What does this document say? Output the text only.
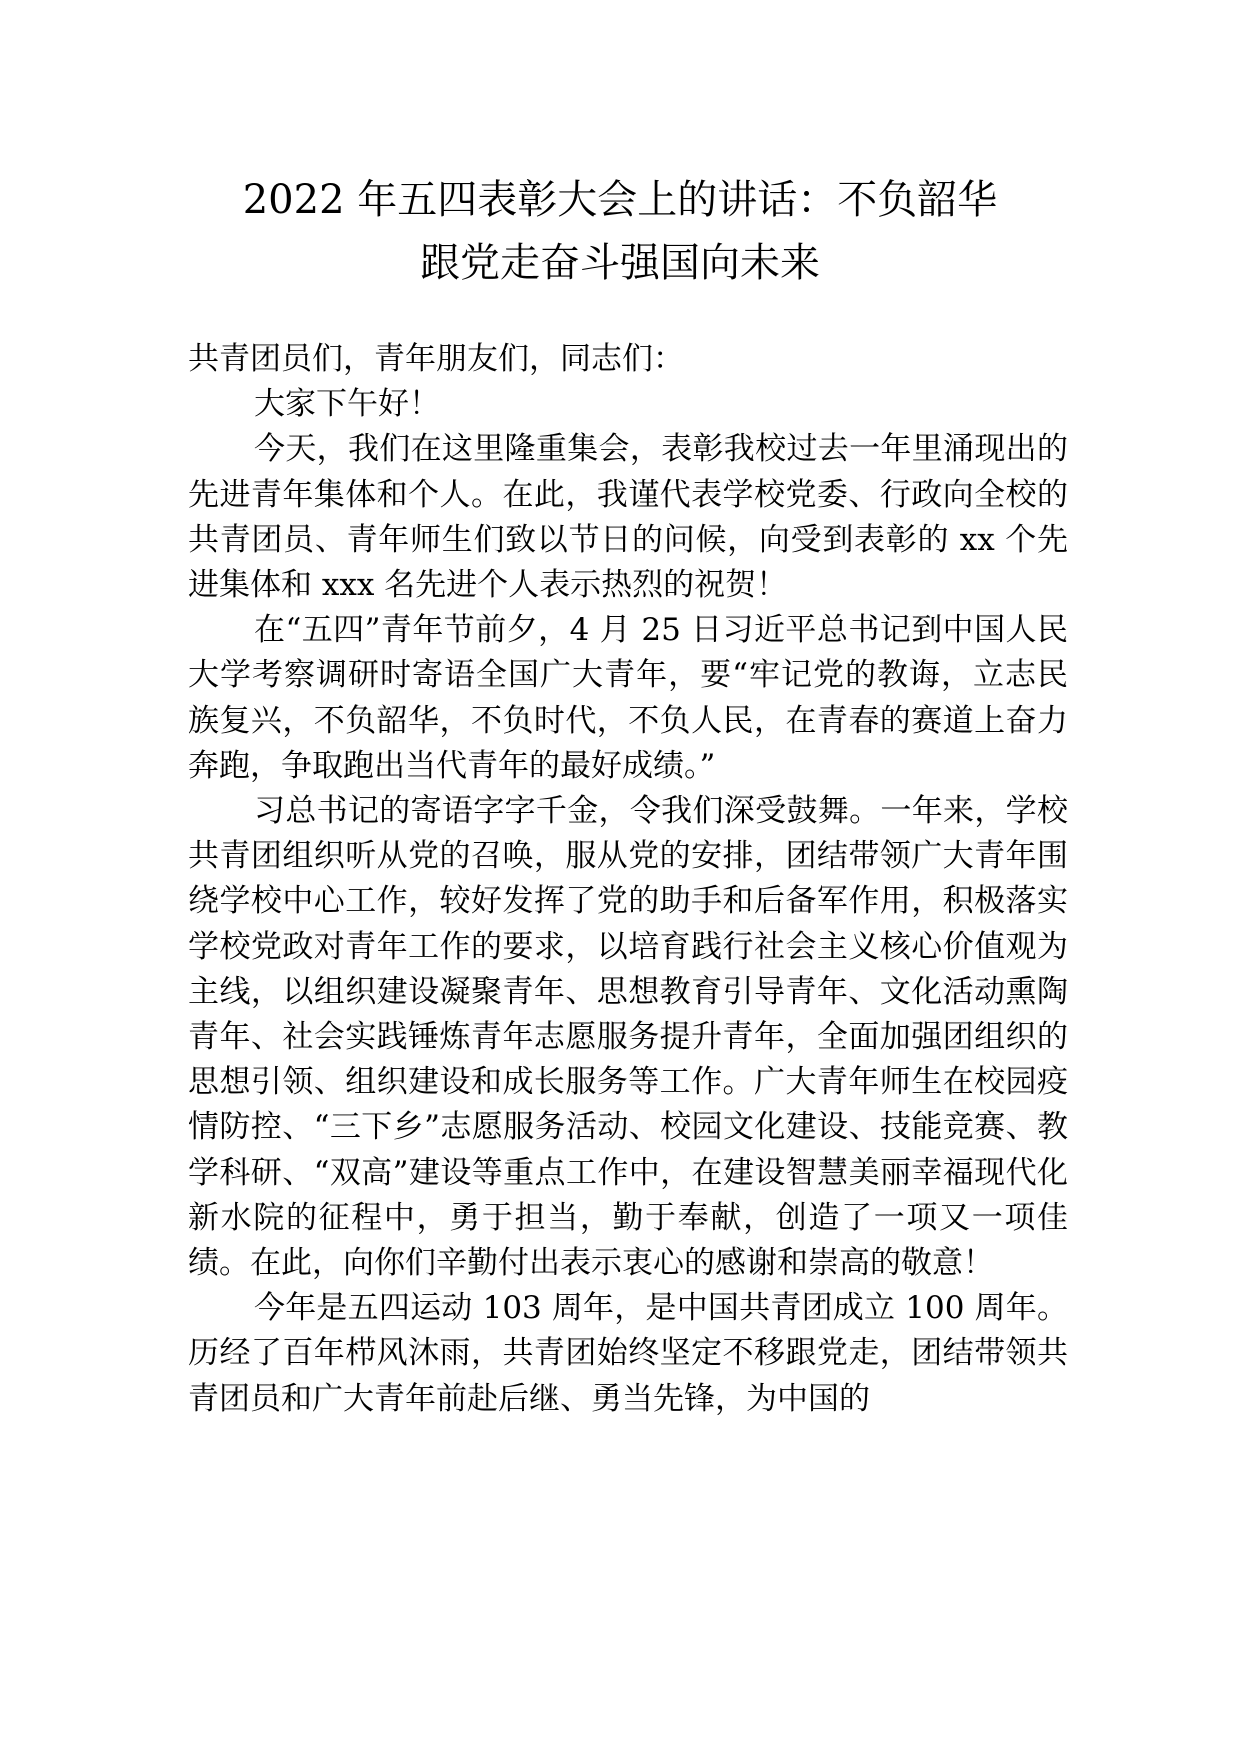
2022 年五四表彰大会上的讲话：不负韶华
跟党走奋斗强国向未来

共青团员们，青年朋友们，同志们：

大家下午好！

今天，我们在这里隆重集会，表彰我校过去一年里涌现出的先进青年集体和个人。在此，我谨代表学校党委、行政向全校的共青团员、青年师生们致以节日的问候，向受到表彰的 xx 个先进集体和 xxx 名先进个人表示热烈的祝贺！

在“五四”青年节前夕，4 月 25 日习近平总书记到中国人民大学考察调研时寄语全国广大青年，要“牢记党的教诲，立志民族复兴，不负韶华，不负时代，不负人民，在青春的赛道上奋力奔跑，争取跑出当代青年的最好成绩。”

习总书记的寄语字字千金，令我们深受鼓舞。一年来，学校共青团组织听从党的召唤，服从党的安排，团结带领广大青年围绕学校中心工作，较好发挥了党的助手和后备军作用，积极落实学校党政对青年工作的要求，以培育践行社会主义核心价值观为主线，以组织建设凝聚青年、思想教育引导青年、文化活动熏陶青年、社会实践锤炼青年志愿服务提升青年，全面加强团组织的思想引领、组织建设和成长服务等工作。广大青年师生在校园疫情防控、“三下乡”志愿服务活动、校园文化建设、技能竞赛、教学科研、“双高”建设等重点工作中，在建设智慧美丽幸福现代化新水院的征程中，勇于担当，勤于奉献，创造了一项又一项佳绩。在此，向你们辛勤付出表示衷心的感谢和崇高的敬意！

今年是五四运动 103 周年，是中国共青团成立 100 周年。历经了百年栉风沐雨，共青团始终坚定不移跟党走，团结带领共青团员和广大青年前赴后继、勇当先锋，为中国的
